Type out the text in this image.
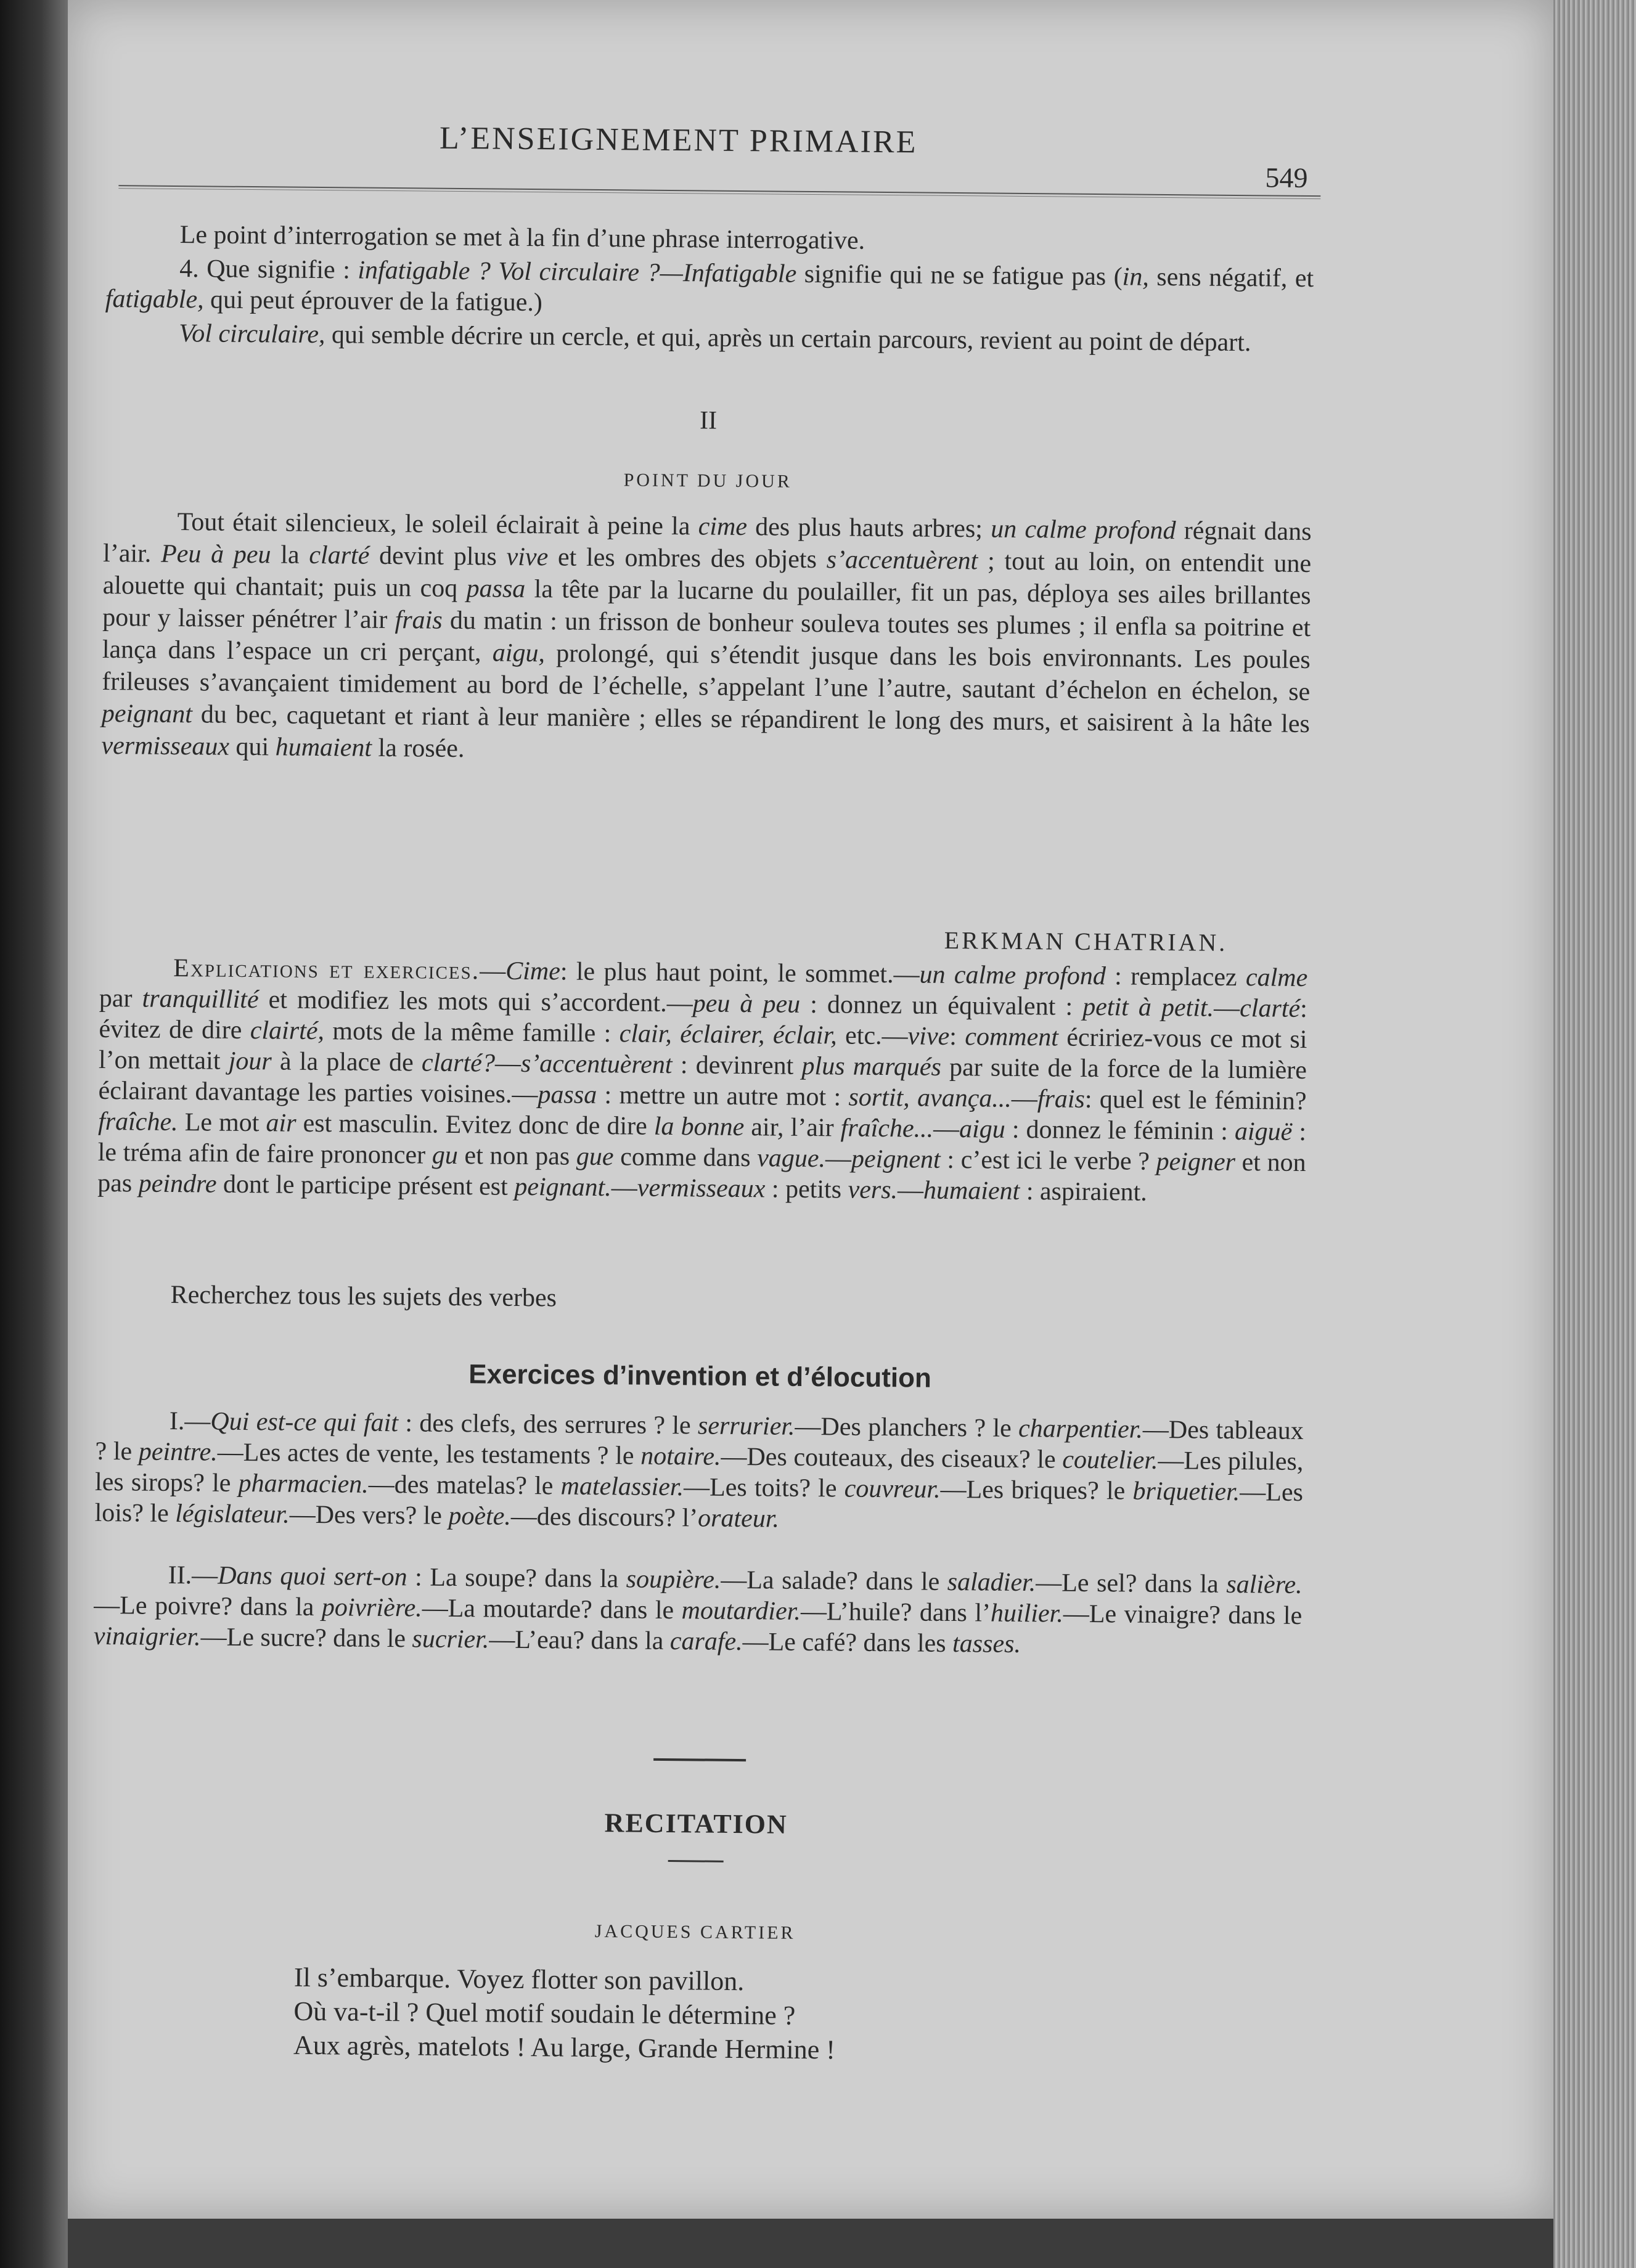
L’ENSEIGNEMENT PRIMAIRE
549
Le point d’interrogation se met à la fin d’une phrase interrogative.
4. Que signifie : infatigable ? Vol circulaire ?—Infatigable signifie qui ne se fatigue pas (in, sens négatif, et fatigable, qui peut éprouver de la fatigue.)
Vol circulaire, qui semble décrire un cercle, et qui, après un certain parcours, revient au point de départ.
II
POINT DU JOUR
Tout était silencieux, le soleil éclairait à peine la cime des plus hauts arbres; un calme profond régnait dans l’air. Peu à peu la clarté devint plus vive et les ombres des objets s’accentuèrent ; tout au loin, on entendit une alouette qui chantait; puis un coq passa la tête par la lucarne du poulailler, fit un pas, déploya ses ailes brillantes pour y laisser pénétrer l’air frais du matin : un frisson de bonheur souleva toutes ses plumes ; il enfla sa poitrine et lança dans l’espace un cri perçant, aigu, prolongé, qui s’étendit jusque dans les bois environnants. Les poules frileuses s’avançaient timidement au bord de l’échelle, s’appelant l’une l’autre, sautant d’échelon en échelon, se peignant du bec, caquetant et riant à leur manière ; elles se répandirent le long des murs, et saisirent à la hâte les vermisseaux qui humaient la rosée.
ERKMAN CHATRIAN.
Explications et exercices.—Cime: le plus haut point, le sommet.—un calme profond : remplacez calme par tranquillité et modifiez les mots qui s’accordent.—peu à peu : donnez un équivalent : petit à petit.—clarté: évitez de dire clairté, mots de la même famille : clair, éclairer, éclair, etc.—vive: comment écririez-vous ce mot si l’on mettait jour à la place de clarté?—s’accentuèrent : devinrent plus marqués par suite de la force de la lumière éclairant davantage les parties voisines.—passa : mettre un autre mot : sortit, avança...—frais: quel est le féminin? fraîche. Le mot air est masculin. Evitez donc de dire la bonne air, l’air fraîche...—aigu : donnez le féminin : aiguë : le tréma afin de faire prononcer gu et non pas gue comme dans vague.—peignent : c’est ici le verbe ? peigner et non pas peindre dont le participe présent est peignant.—vermisseaux : petits vers.—humaient : aspiraient.
Recherchez tous les sujets des verbes
Exercices d’invention et d’élocution
I.—Qui est-ce qui fait : des clefs, des serrures ? le serrurier.—Des planchers ? le charpentier.—Des tableaux ? le peintre.—Les actes de vente, les testaments ? le notaire.—Des couteaux, des ciseaux? le coutelier.—Les pilules, les sirops? le pharmacien.—des matelas? le matelassier.—Les toits? le couvreur.—Les briques? le briquetier.—Les lois? le législateur.—Des vers? le poète.—des discours? l’orateur.
II.—Dans quoi sert-on : La soupe? dans la soupière.—La salade? dans le saladier.—Le sel? dans la salière.—Le poivre? dans la poivrière.—La moutarde? dans le moutardier.—L’huile? dans l’huilier.—Le vinaigre? dans le vinaigrier.—Le sucre? dans le sucrier.—L’eau? dans la carafe.—Le café? dans les tasses.
RECITATION
JACQUES CARTIER
Il s’embarque. Voyez flotter son pavillon.
Où va-t-il ? Quel motif soudain le détermine ?
Aux agrès, matelots ! Au large, Grande Hermine !
